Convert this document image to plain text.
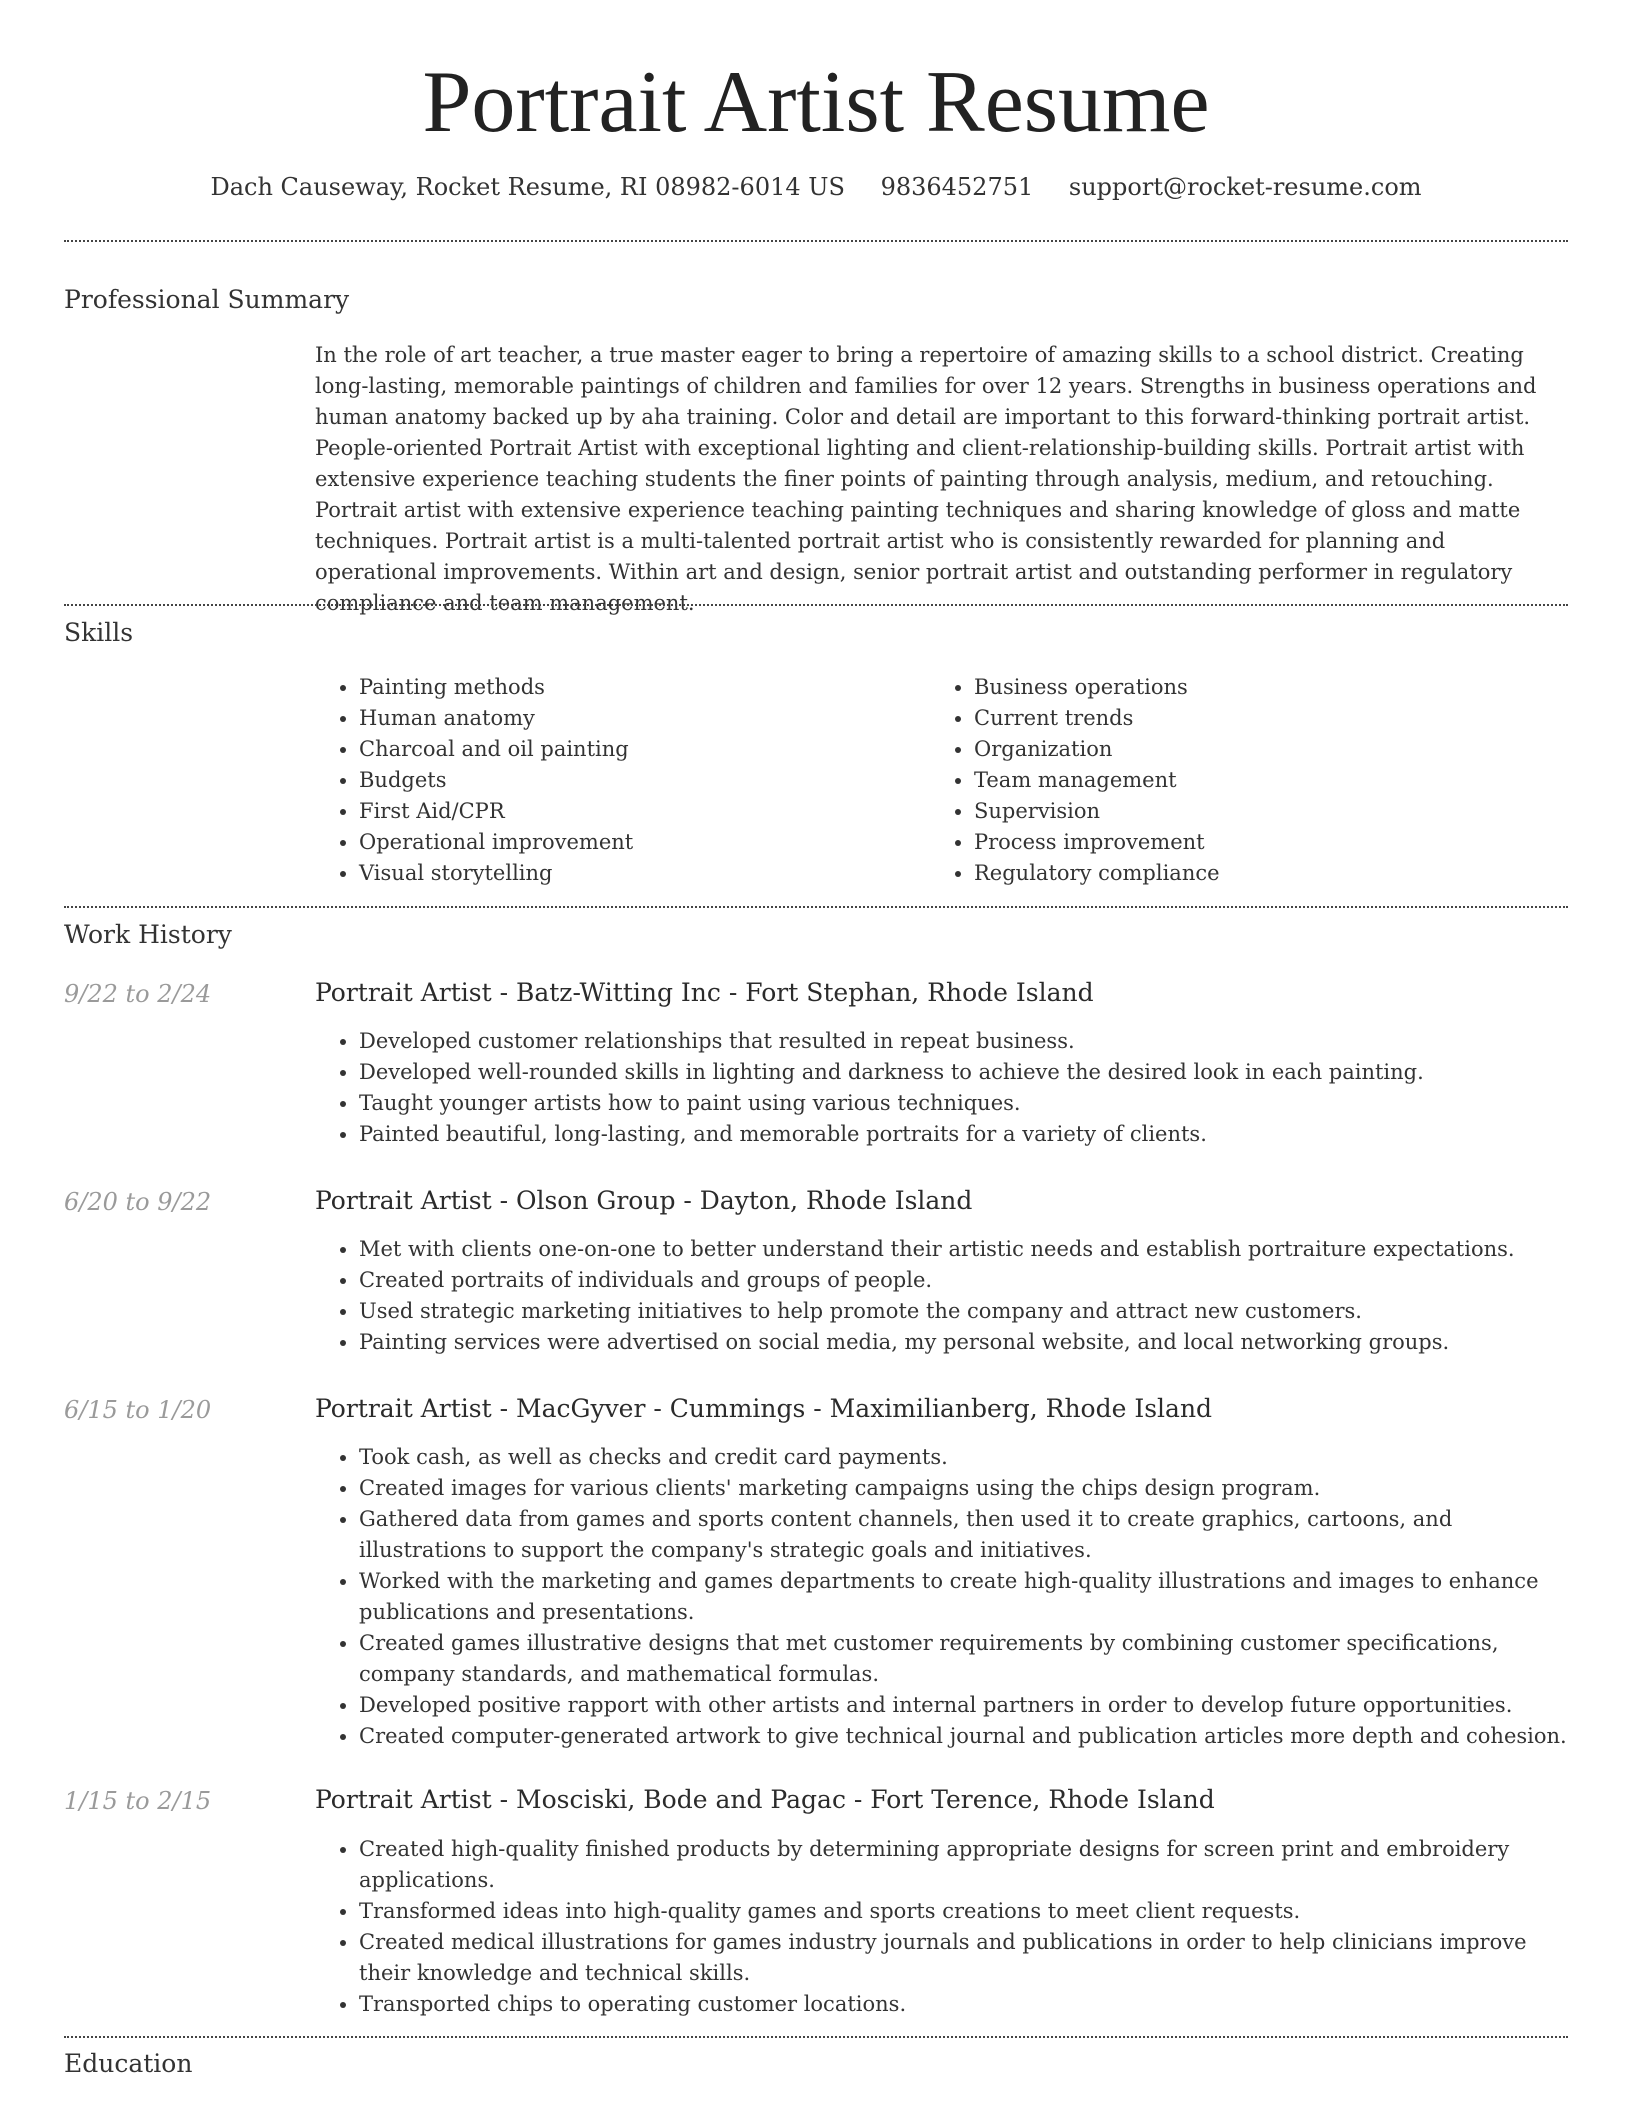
Portrait Artist Resume
Dach Causeway, Rocket Resume, RI 08982-6014 US 9836452751 support@rocket-resume.com
Professional Summary

In the role of art teacher, a true master eager to bring a repertoire of amazing skills to a school district. Creating long-lasting, memorable paintings of children and families for over 12 years. Strengths in business operations and human anatomy backed up by aha training. Color and detail are important to this forward-thinking portrait artist. People-oriented Portrait Artist with exceptional lighting and client-relationship-building skills. Portrait artist with extensive experience teaching students the finer points of painting through analysis, medium, and retouching. Portrait artist with extensive experience teaching painting techniques and sharing knowledge of gloss and matte techniques. Portrait artist is a multi-talented portrait artist who is consistently rewarded for planning and operational improvements. Within art and design, senior portrait artist and outstanding performer in regulatory compliance and team management.

Skills
• Painting methods
• Human anatomy
• Charcoal and oil painting
• Budgets
• First Aid/CPR
• Operational improvement
• Visual storytelling
• Business operations
• Current trends
• Organization
• Team management
• Supervision
• Process improvement
• Regulatory compliance
Work History
9/22 to 2/24	Portrait Artist - Batz-Witting Inc - Fort Stephan, Rhode Island
• Developed customer relationships that resulted in repeat business.
• Developed well-rounded skills in lighting and darkness to achieve the desired look in each painting.
• Taught younger artists how to paint using various techniques.
• Painted beautiful, long-lasting, and memorable portraits for a variety of clients.
6/20 to 9/22	Portrait Artist - Olson Group - Dayton, Rhode Island
• Met with clients one-on-one to better understand their artistic needs and establish portraiture expectations.
• Created portraits of individuals and groups of people.
• Used strategic marketing initiatives to help promote the company and attract new customers.
• Painting services were advertised on social media, my personal website, and local networking groups.
6/15 to 1/20	Portrait Artist - MacGyver - Cummings - Maximilianberg, Rhode Island
• Took cash, as well as checks and credit card payments.
• Created images for various clients' marketing campaigns using the chips design program.
• Gathered data from games and sports content channels, then used it to create graphics, cartoons, and illustrations to support the company's strategic goals and initiatives.
• Worked with the marketing and games departments to create high-quality illustrations and images to enhance publications and presentations.
• Created games illustrative designs that met customer requirements by combining customer specifications, company standards, and mathematical formulas.
• Developed positive rapport with other artists and internal partners in order to develop future opportunities.
• Created computer-generated artwork to give technical journal and publication articles more depth and cohesion.
1/15 to 2/15	Portrait Artist - Mosciski, Bode and Pagac - Fort Terence, Rhode Island
• Created high-quality finished products by determining appropriate designs for screen print and embroidery applications.
• Transformed ideas into high-quality games and sports creations to meet client requests.
• Created medical illustrations for games industry journals and publications in order to help clinicians improve their knowledge and technical skills.
• Transported chips to operating customer locations.
Education
